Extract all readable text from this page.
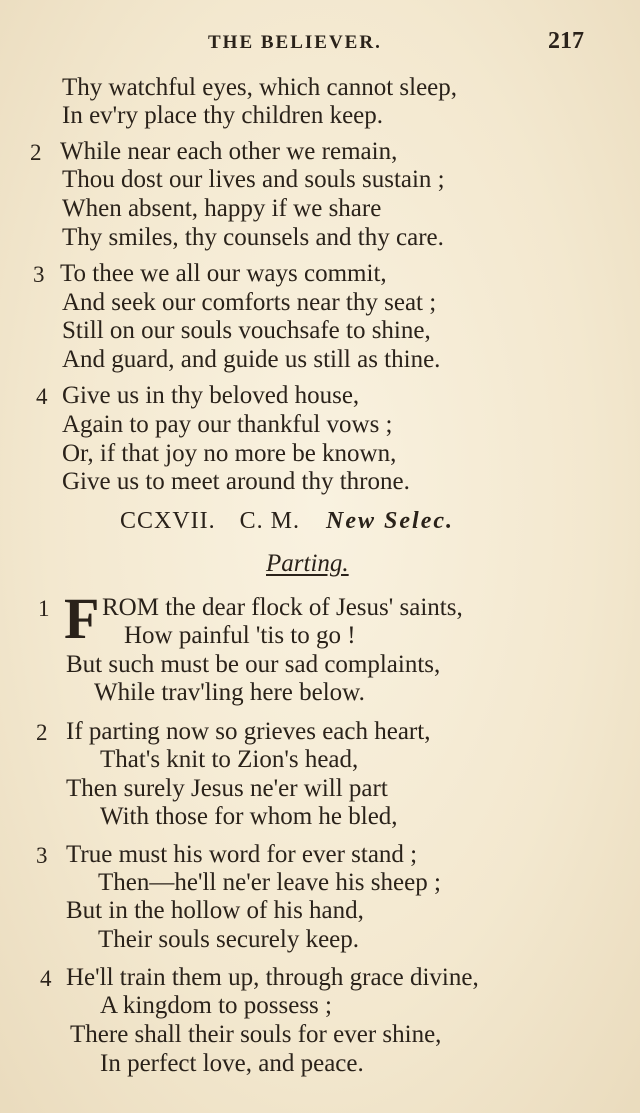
THE BELIEVER.	217
Thy watchful eyes, which cannot sleep,
In ev'ry place thy children keep.
2 While near each other we remain,
Thou dost our lives and souls sustain ;
When absent, happy if we share
Thy smiles, thy counsels and thy care.
3 To thee we all our ways commit,
And seek our comforts near thy seat ;
Still on our souls vouchsafe to shine,
And guard, and guide us still as thine.
4 Give us in thy beloved house,
Again to pay our thankful vows ;
Or, if that joy no more be known,
Give us to meet around thy throne.
CCXVII. C. M. New Selec.
Parting.
1 F ROM the dear flock of Jesus' saints,
How painful 'tis to go !
But such must be our sad complaints,
While trav'ling here below.
2 If parting now so grieves each heart,
That's knit to Zion's head,
Then surely Jesus ne'er will part
With those for whom he bled,
3 True must his word for ever stand ;
Then—he'll ne'er leave his sheep ;
But in the hollow of his hand,
Their souls securely keep.
4 He'll train them up, through grace divine,
A kingdom to possess ;
There shall their souls for ever shine,
In perfect love, and peace.
